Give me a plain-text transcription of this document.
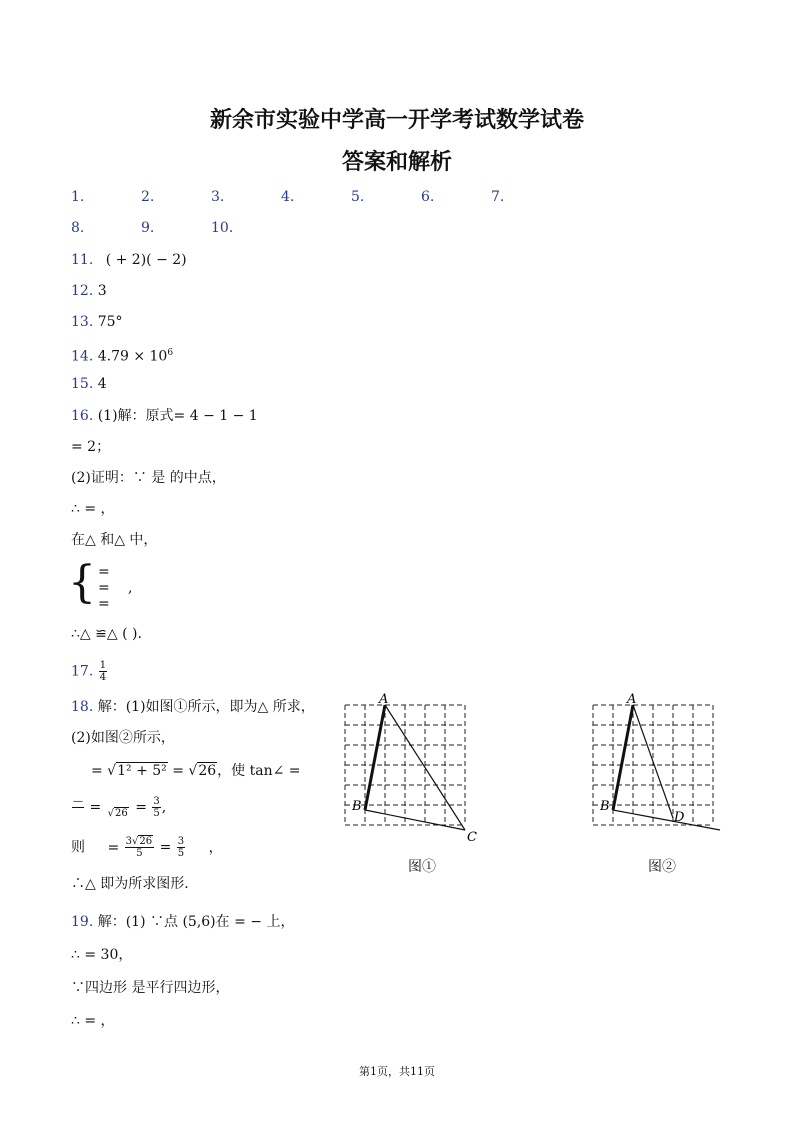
新余市实验中学高一开学考试数学试卷
答案和解析
1.	2.	3.	4.	5.	6.	7.
8.	9.	10.
11. ( + 2)( − 2)
12. 3
13. 75°
14. $4.79 \times 10^6$
15. 4
16. (1)解：原式= 4 − 1 − 1
= 2；
(2)证明：∵ 是 的中点，
∴ = ，
在△ 和△ 中，
{ =
=
=
,
∴△ ≌△ ( ).
17. $\frac{1}{4}$
18. 解：(1)如图①所示，即为△ 所求，
(2)如图②所示，
= √1² + 5² = √26，使 tan∠ =
— = $√26 = \frac{3}{5}$ ,
则 = $\frac{3√26}{5} = \frac{3}{5}$ ，
∴△ 即为所求图形.
A
B
C
图①
A
B
D
图②
19. 解：(1) ∵点 (5,6)在 = − 上，
∴ = 30，
∵四边形 是平行四边形，
∴ = ，
第1页，共11页
